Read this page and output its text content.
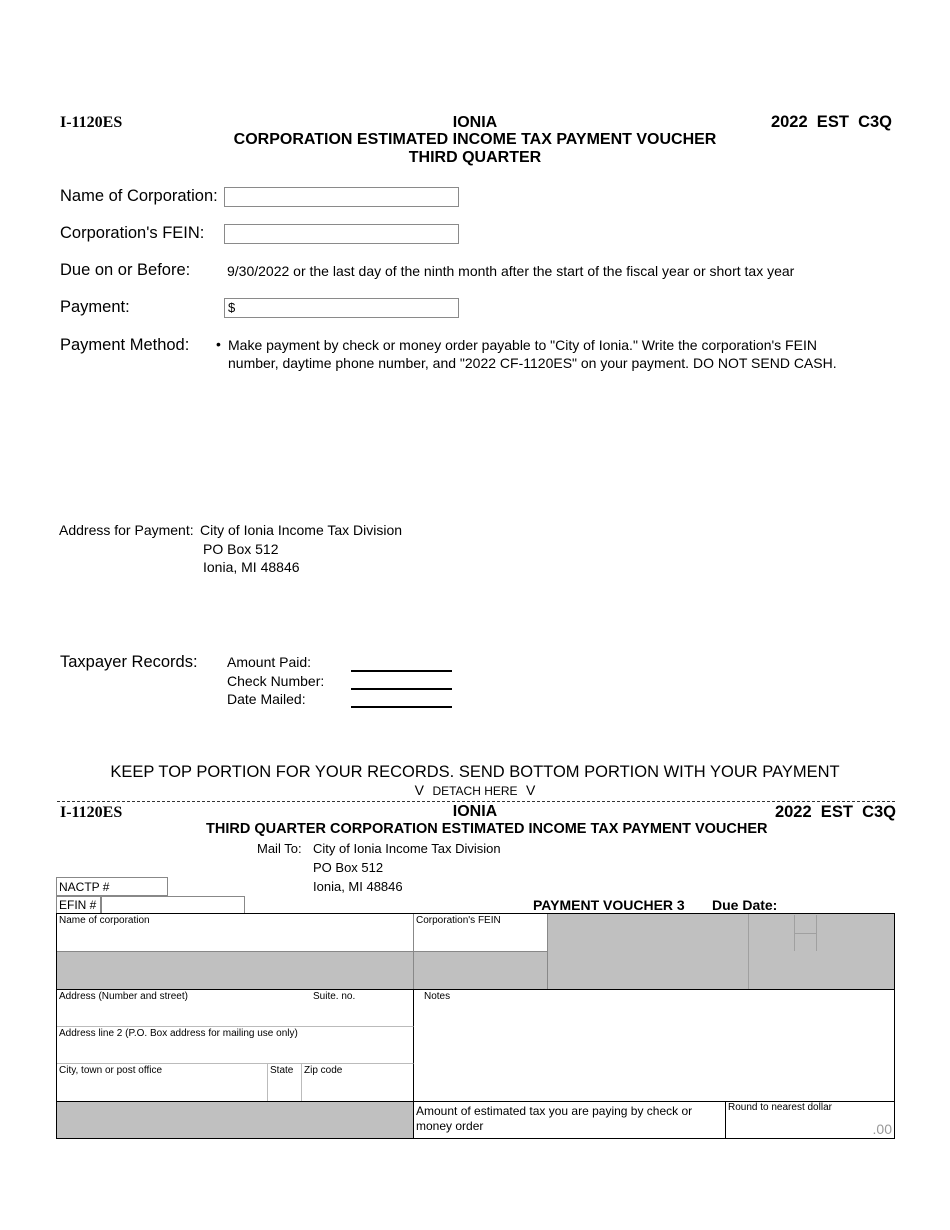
I-1120ES	IONIA
CORPORATION ESTIMATED INCOME TAX PAYMENT VOUCHER
THIRD QUARTER
2022  EST  C3Q
Name of Corporation:
Corporation's FEIN:
Due on or Before:	9/30/2022 or the last day of the ninth month after the start of the fiscal year or short tax year
Payment:	$
Payment Method: • Make payment by check or money order payable to "City of Ionia." Write the corporation's FEIN
number, daytime phone number, and "2022 CF-1120ES" on your payment. DO NOT SEND CASH.
Address for Payment: City of Ionia Income Tax Division
PO Box 512
Ionia, MI 48846
Taxpayer Records: Amount Paid:
Check Number:
Date Mailed:
KEEP TOP PORTION FOR YOUR RECORDS. SEND BOTTOM PORTION WITH YOUR PAYMENT
V DETACH HERE V
I-1120ES	IONIA	2022  EST  C3Q
THIRD QUARTER CORPORATION ESTIMATED INCOME TAX PAYMENT VOUCHER
Mail To: City of Ionia Income Tax Division
PO Box 512
Ionia, MI 48846
NACTP #
EFIN #	PAYMENT VOUCHER 3 Due Date:
Name of corporation	Corporation's FEIN
Address (Number and street)	Suite. no.
Address line 2 (P.O. Box address for mailing use only)
City, town or post office	State	Zip code
Notes
Amount of estimated tax you are paying by check or
money order
Round to nearest dollar
.00
